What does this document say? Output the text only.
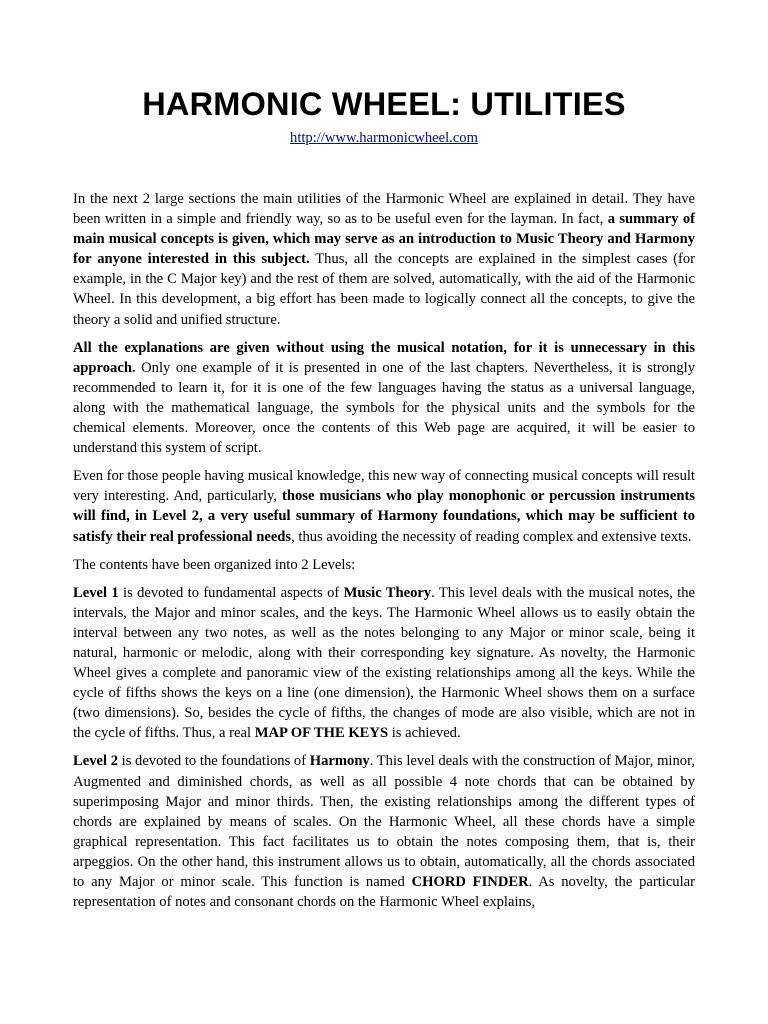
HARMONIC WHEEL: UTILITIES
http://www.harmonicwheel.com

In the next 2 large sections the main utilities of the Harmonic Wheel are explained in detail. They have been written in a simple and friendly way, so as to be useful even for the layman. In fact, a summary of main musical concepts is given, which may serve as an introduction to Music Theory and Harmony for anyone interested in this subject. Thus, all the concepts are explained in the simplest cases (for example, in the C Major key) and the rest of them are solved, automatically, with the aid of the Harmonic Wheel. In this development, a big effort has been made to logically connect all the concepts, to give the theory a solid and unified structure.

All the explanations are given without using the musical notation, for it is unnecessary in this approach. Only one example of it is presented in one of the last chapters. Nevertheless, it is strongly recommended to learn it, for it is one of the few languages having the status as a universal language, along with the mathematical language, the symbols for the physical units and the symbols for the chemical elements. Moreover, once the contents of this Web page are acquired, it will be easier to understand this system of script.

Even for those people having musical knowledge, this new way of connecting musical concepts will result very interesting. And, particularly, those musicians who play monophonic or percussion instruments will find, in Level 2, a very useful summary of Harmony foundations, which may be sufficient to satisfy their real professional needs, thus avoiding the necessity of reading complex and extensive texts.

The contents have been organized into 2 Levels:

Level 1 is devoted to fundamental aspects of Music Theory. This level deals with the musical notes, the intervals, the Major and minor scales, and the keys. The Harmonic Wheel allows us to easily obtain the interval between any two notes, as well as the notes belonging to any Major or minor scale, being it natural, harmonic or melodic, along with their corresponding key signature. As novelty, the Harmonic Wheel gives a complete and panoramic view of the existing relationships among all the keys. While the cycle of fifths shows the keys on a line (one dimension), the Harmonic Wheel shows them on a surface (two dimensions). So, besides the cycle of fifths, the changes of mode are also visible, which are not in the cycle of fifths. Thus, a real MAP OF THE KEYS is achieved.

Level 2 is devoted to the foundations of Harmony. This level deals with the construction of Major, minor, Augmented and diminished chords, as well as all possible 4 note chords that can be obtained by superimposing Major and minor thirds. Then, the existing relationships among the different types of chords are explained by means of scales. On the Harmonic Wheel, all these chords have a simple graphical representation. This fact facilitates us to obtain the notes composing them, that is, their arpeggios. On the other hand, this instrument allows us to obtain, automatically, all the chords associated to any Major or minor scale. This function is named CHORD FINDER. As novelty, the particular representation of notes and consonant chords on the Harmonic Wheel explains,
